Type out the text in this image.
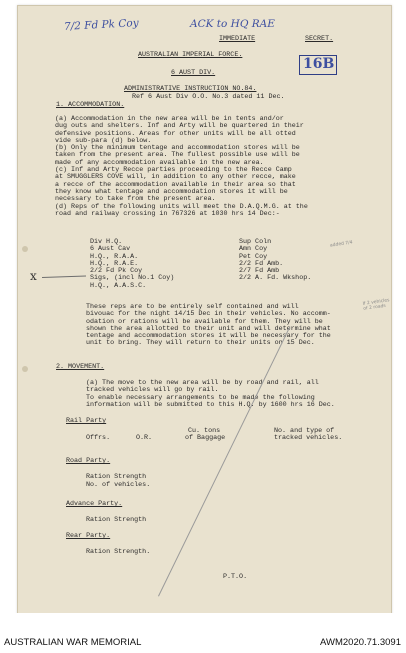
7/2 Fd Pk Coy	ACK to HQ RAE
16B
IMMEDIATE	SECRET.
AUSTRALIAN IMPERIAL FORCE.
6 AUST DIV.
ADMINISTRATIVE INSTRUCTION NO.84.
Ref 6 Aust Div O.O. No.3 dated 11 Dec.
1. ACCOMMODATION.
(a) Accommodation in the new area will be in tents and/or
dug outs and shelters. Inf and Arty will be quartered in their
defensive positions. Areas for other units will be all otted
vide sub-para (d) below.
(b) Only the minimum tentage and accommodation stores will be
taken from the present area. The fullest possible use will be
made of any accommodation available in the new area.
(c) Inf and Arty Recce parties proceeding to the Recce Camp
at SMUGGLERS COVE will, in addition to any other recce, make
a recce of the accommodation available in their area so that
they know what tentage and accommodation stores it will be
necessary to take from the present area.
(d) Reps of the following units will meet the D.A.Q.M.G. at the
road and railway crossing in 767326 at 1030 hrs 14 Dec:-
Div H.Q.
6 Aust Cav
H.Q., R.A.A.
H.Q., R.A.E.
2/2 Fd Pk Coy
Sigs, (incl No.1 Coy)
H.Q., A.A.S.C.
Sup Coln
Amn Coy
Pet Coy
2/2 Fd Amb.
2/7 Fd Amb
2/2 A. Fd. Wkshop.
x
added 7/4
If 2 vehicles
of 2 roads
These reps are to be entirely self contained and will
bivouac for the night 14/15 Dec in their vehicles. No accomm-
odation or rations will be available for them. They will be
shown the area allotted to their unit and will determine what
tentage and accommodation stores it will be necessary for the
unit to bring. They will return to their units on 15 Dec.
2. MOVEMENT.
(a) The move to the new area will be by road and rail, all
tracked vehicles will go by rail.
To enable necessary arrangements to be made the following
information will be submitted to this H.Q. by 1600 hrs 16 Dec.
Rail Party
Offrs.	O.R.
Cu. tons
of Baggage
No. and type of
tracked vehicles.
Road Party.
Ration Strength
No. of vehicles.
Advance Party.
Ration Strength
Rear Party.
Ration Strength.
P.T.O.
AUSTRALIAN WAR MEMORIAL	AWM2020.71.3091
